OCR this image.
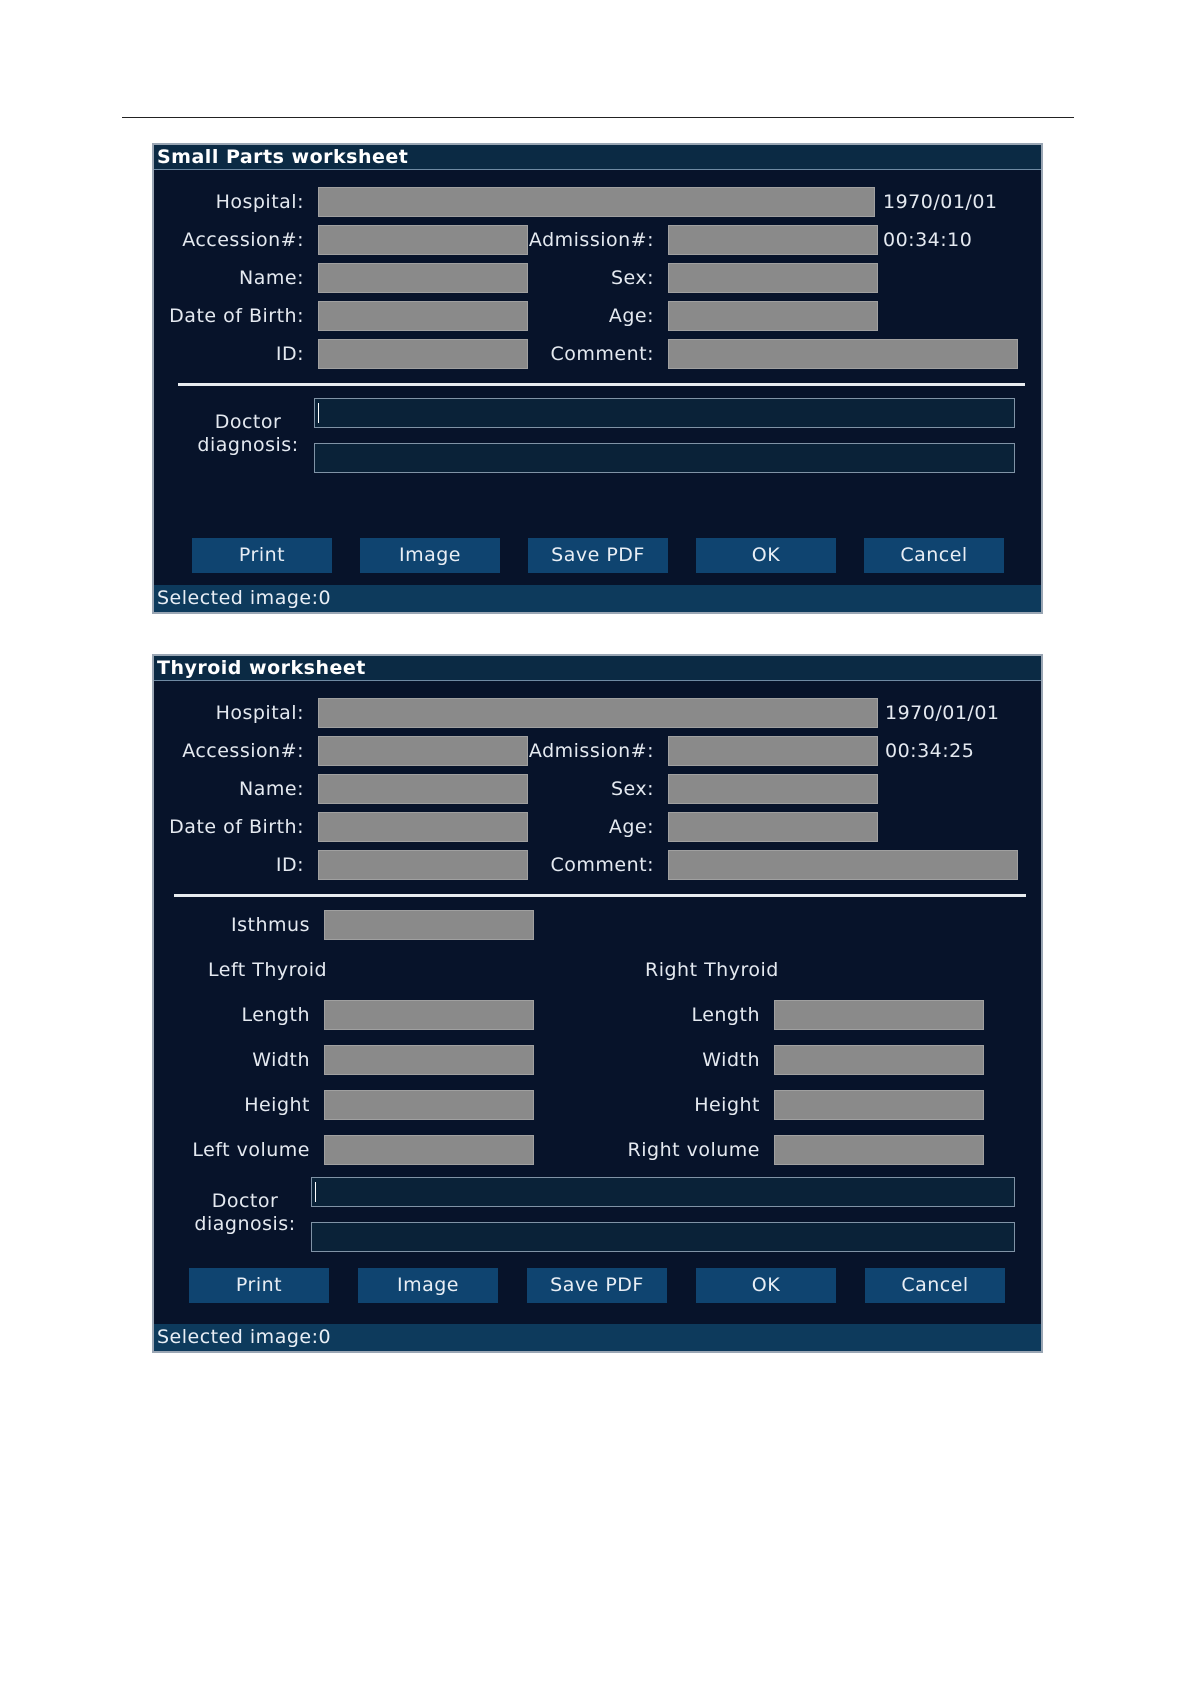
Small Parts worksheet
Hospital:	1970/01/01
Accession#:	Admission#:	00:34:10
Name:	Sex:
Date of Birth:	Age:
ID:	Comment:
Doctor
diagnosis:
Print	Image	Save PDF	OK	Cancel
Selected image:0
Thyroid worksheet
Hospital:	1970/01/01
Accession#:	Admission#:	00:34:25
Name:	Sex:
Date of Birth:	Age:
ID:	Comment:
Isthmus
Left Thyroid	Right Thyroid
Length	Length
Width	Width
Height	Height
Left volume	Right volume
Doctor
diagnosis:
Print	Image	Save PDF	OK	Cancel
Selected image:0
